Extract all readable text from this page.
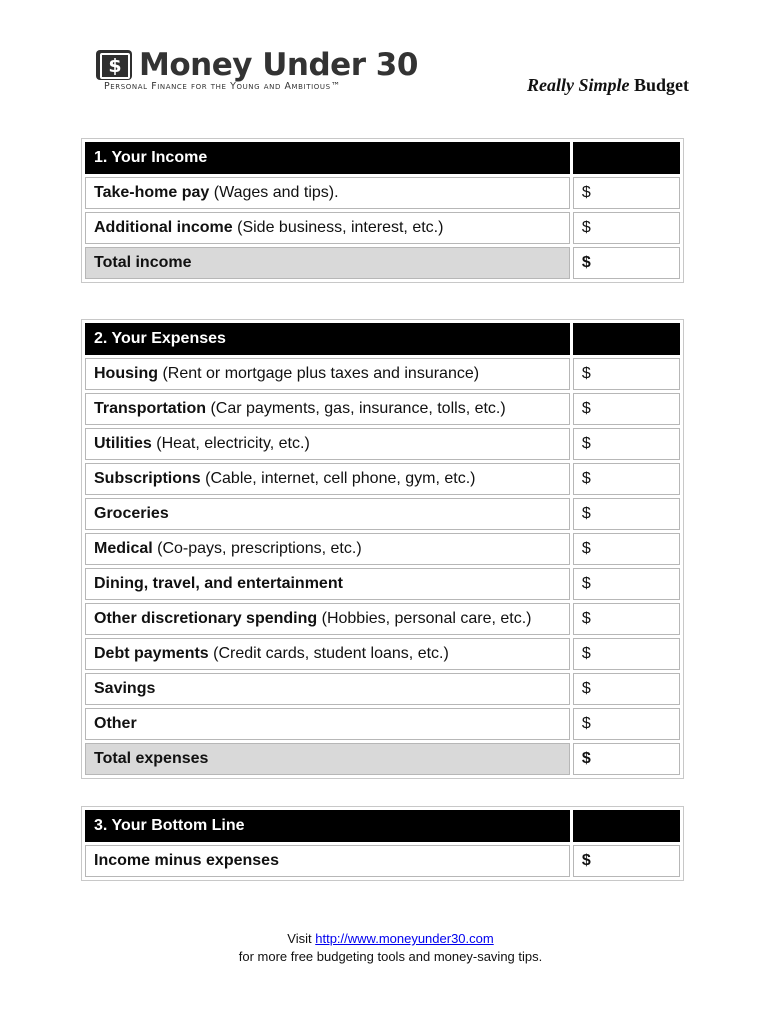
$ Money Under 30
Personal Finance for the Young and Ambitious™	Really Simple Budget
1. Your Income	
Take-home pay (Wages and tips).	$
Additional income (Side business, interest, etc.)	$
Total income	$
2. Your Expenses	
Housing (Rent or mortgage plus taxes and insurance)	$
Transportation (Car payments, gas, insurance, tolls, etc.)	$
Utilities (Heat, electricity, etc.)	$
Subscriptions (Cable, internet, cell phone, gym, etc.)	$
Groceries	$
Medical (Co-pays, prescriptions, etc.)	$
Dining, travel, and entertainment	$
Other discretionary spending (Hobbies, personal care, etc.)	$
Debt payments (Credit cards, student loans, etc.)	$
Savings	$
Other	$
Total expenses	$
3. Your Bottom Line	
Income minus expenses	$
Visit http://www.moneyunder30.com
for more free budgeting tools and money-saving tips.
